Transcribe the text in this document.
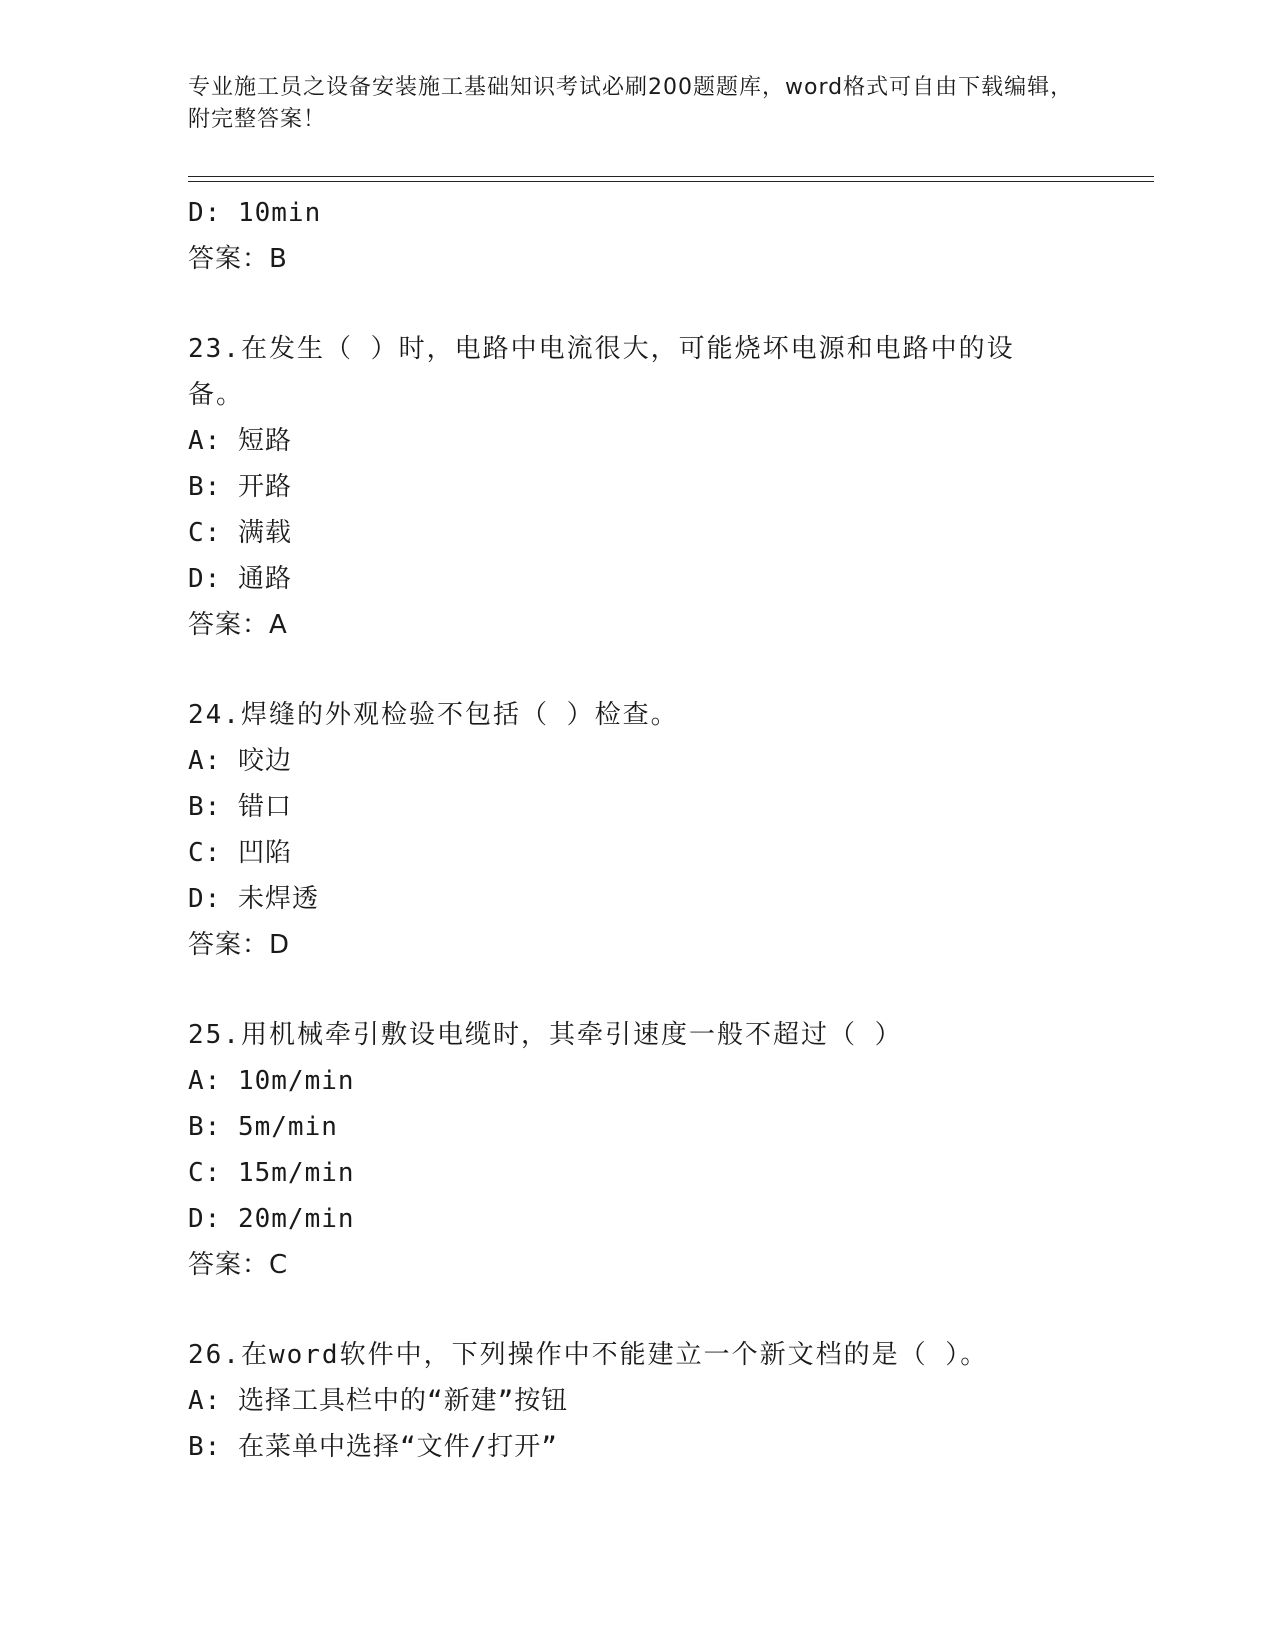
专业施工员之设备安装施工基础知识考试必刷200题题库，word格式可自由下载编辑，附完整答案！
D: 10min
答案：B
23.在发生（ ）时，电路中电流很大，可能烧坏电源和电路中的设备。
A: 短路
B: 开路
C: 满载
D: 通路
答案：A
24.焊缝的外观检验不包括（ ）检查。
A: 咬边
B: 错口
C: 凹陷
D: 未焊透
答案：D
25.用机械牵引敷设电缆时，其牵引速度一般不超过（ ）
A: 10m/min
B: 5m/min
C: 15m/min
D: 20m/min
答案：C
26.在word软件中，下列操作中不能建立一个新文档的是（ ）。
A: 选择工具栏中的“新建”按钮
B: 在菜单中选择“文件/打开”
